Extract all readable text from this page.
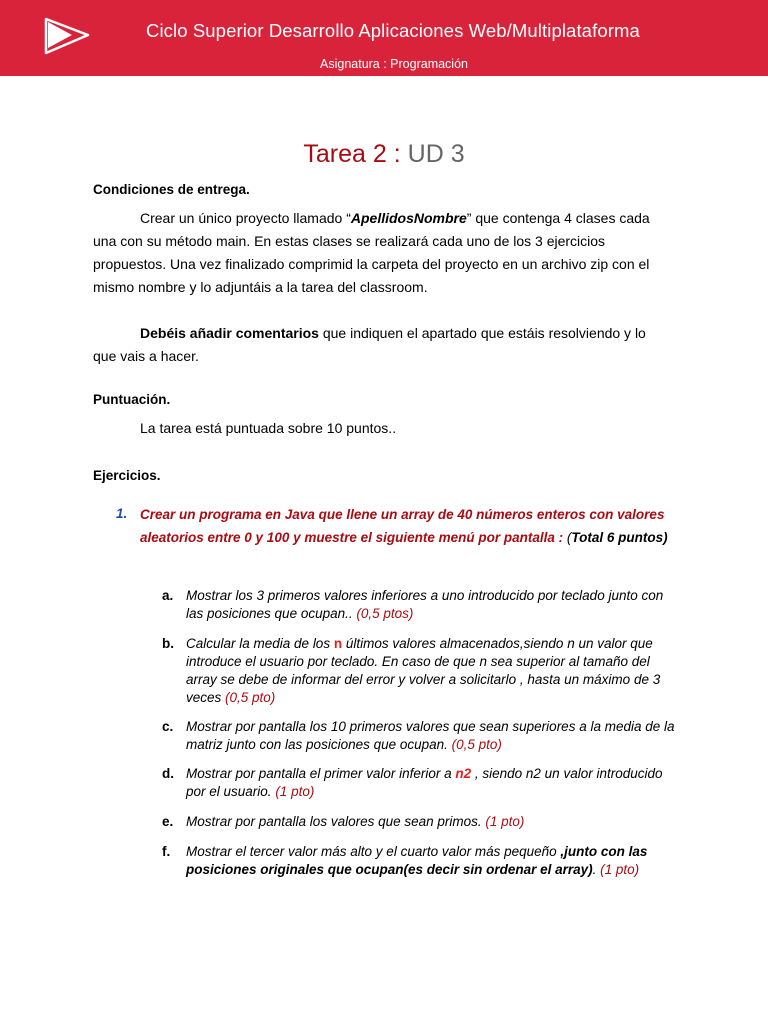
Ciclo Superior Desarrollo Aplicaciones Web/Multiplataforma
Asignatura : Programación
Tarea 2 : UD 3
Condiciones de entrega.
Crear un único proyecto llamado “ApellidosNombre” que contenga 4 clases cada una con su método main. En estas clases se realizará cada uno de los 3 ejercicios propuestos. Una vez finalizado comprimid la carpeta del proyecto en un archivo zip con el mismo nombre y lo adjuntáis a la tarea del classroom.
Debéis añadir comentarios que indiquen el apartado que estáis resolviendo y lo que vais a hacer.
Puntuación.
La tarea está puntuada sobre 10 puntos..
Ejercicios.
1. Crear un programa en Java que llene un array de 40 números enteros con valores aleatorios entre 0 y 100 y muestre el siguiente menú por pantalla : (Total 6 puntos)
a. Mostrar los 3 primeros valores inferiores a uno introducido por teclado junto con las posiciones que ocupan.. (0,5 ptos)
b. Calcular la media de los n últimos valores almacenados,siendo n un valor que introduce el usuario por teclado. En caso de que n sea superior al tamaño del array se debe de informar del error y volver a solicitarlo , hasta un máximo de 3 veces (0,5 pto)
c. Mostrar por pantalla los 10 primeros valores que sean superiores a la media de la matriz junto con las posiciones que ocupan. (0,5 pto)
d. Mostrar por pantalla el primer valor inferior a n2 , siendo n2 un valor introducido por el usuario. (1 pto)
e. Mostrar por pantalla los valores que sean primos. (1 pto)
f. Mostrar el tercer valor más alto y el cuarto valor más pequeño ,junto con las posiciones originales que ocupan(es decir sin ordenar el array). (1 pto)
